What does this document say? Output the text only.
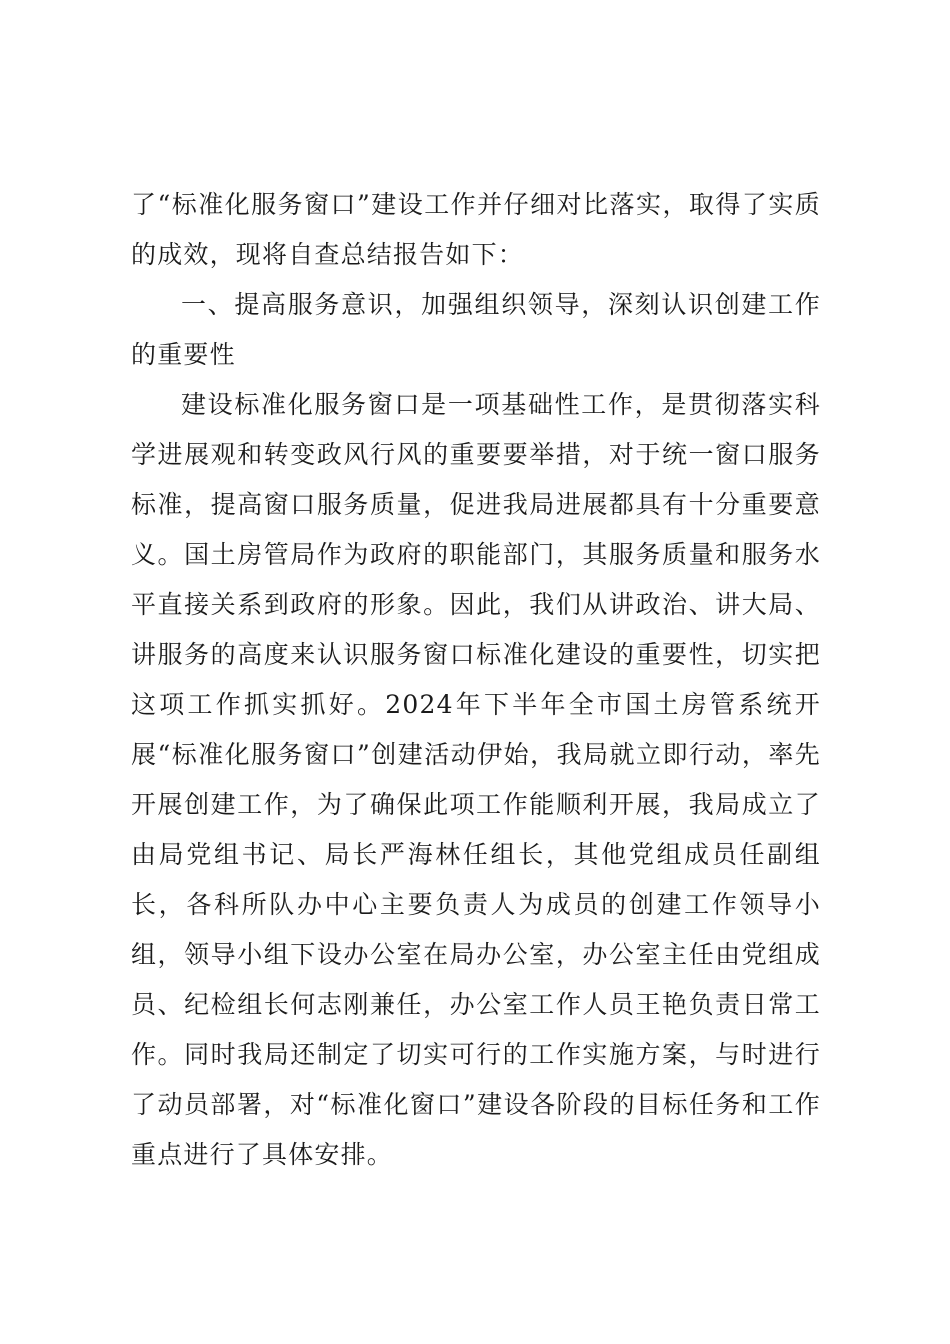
了“标准化服务窗口”建设工作并仔细对比落实，取得了实质的成效，现将自查总结报告如下：

一、提高服务意识，加强组织领导，深刻认识创建工作的重要性

建设标准化服务窗口是一项基础性工作，是贯彻落实科学进展观和转变政风行风的重要要举措，对于统一窗口服务标准，提高窗口服务质量，促进我局进展都具有十分重要意义。国土房管局作为政府的职能部门，其服务质量和服务水平直接关系到政府的形象。因此，我们从讲政治、讲大局、讲服务的高度来认识服务窗口标准化建设的重要性，切实把这项工作抓实抓好。2024年下半年全市国土房管系统开展“标准化服务窗口”创建活动伊始，我局就立即行动，率先开展创建工作，为了确保此项工作能顺利开展，我局成立了由局党组书记、局长严海林任组长，其他党组成员任副组长，各科所队办中心主要负责人为成员的创建工作领导小组，领导小组下设办公室在局办公室，办公室主任由党组成员、纪检组长何志刚兼任，办公室工作人员王艳负责日常工作。同时我局还制定了切实可行的工作实施方案，与时进行了动员部署，对“标准化窗口”建设各阶段的目标任务和工作重点进行了具体安排。
